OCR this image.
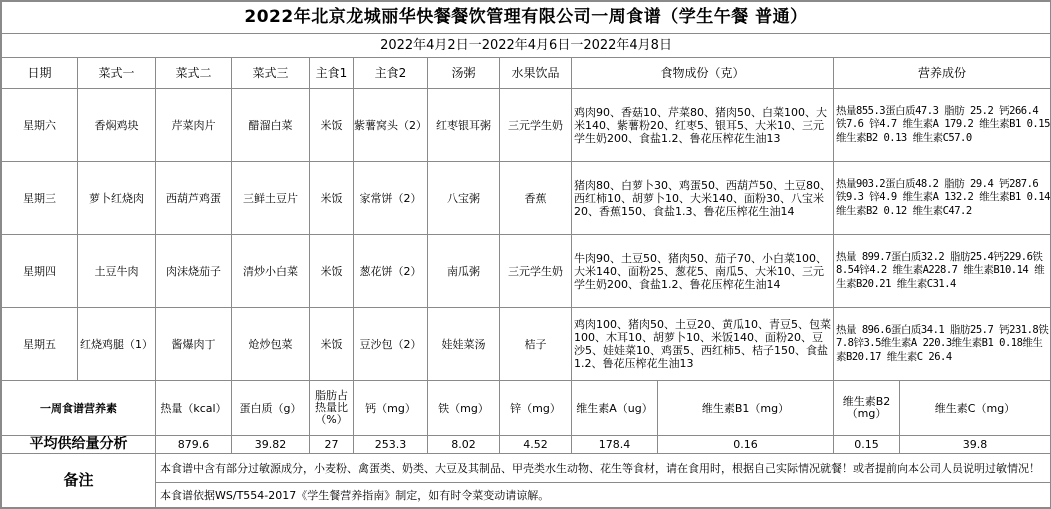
2022年北京龙城丽华快餐餐饮管理有限公司一周食谱（学生午餐 普通）									
2022年4月2日一2022年4月6日一2022年4月8日									
日期	菜式一	菜式二	菜式三	主食1	主食2	汤粥	水果饮品	食物成份（克）	营养成份
星期六	香焖鸡块	芹菜肉片	醋溜白菜	米饭	紫薯窝头（2）	红枣银耳粥	三元学生奶	鸡肉90、香菇10、芹菜80、猪肉50、白菜100、大米140、紫薯粉20、红枣5、银耳5、大米10、三元学生奶200、食盐1.2、鲁花压榨花生油13	热量855.3蛋白质47.3 脂肪 25.2 钙266.4 铁7.6 锌4.7 维生素A 179.2 维生素B1 0.15 维生素B2 0.13 维生素C57.0
星期三	萝卜红烧肉	西葫芦鸡蛋	三鲜土豆片	米饭	家常饼（2）	八宝粥	香蕉	猪肉80、白萝卜30、鸡蛋50、西葫芦50、土豆80、西红柿10、胡萝卜10、大米140、面粉30、八宝米20、香蕉150、食盐1.3、鲁花压榨花生油14	热量903.2蛋白质48.2 脂肪 29.4 钙287.6 铁9.3 锌4.9 维生素A 132.2 维生素B1 0.14 维生素B2 0.12 维生素C47.2
星期四	土豆牛肉	肉沫烧茄子	清炒小白菜	米饭	葱花饼（2）	南瓜粥	三元学生奶	牛肉90、土豆50、猪肉50、茄子70、小白菜100、大米140、面粉25、葱花5、南瓜5、大米10、三元学生奶200、食盐1.2、鲁花压榨花生油14	热量 899.7蛋白质32.2 脂肪25.4钙229.6铁8.54锌4.2 维生素A228.7 维生素B10.14 维生素B20.21 维生素C31.4
星期五	红烧鸡腿（1）	酱爆肉丁	炝炒包菜	米饭	豆沙包（2）	娃娃菜汤	桔子	鸡肉100、猪肉50、土豆20、黄瓜10、青豆5、包菜100、木耳10、胡萝卜10、米饭140、面粉20、豆沙5、娃娃菜10、鸡蛋5、西红柿5、桔子150、食盐1.2、鲁花压榨花生油13	热量 896.6蛋白质34.1 脂肪25.7 钙231.8铁7.8锌3.5维生素A 220.3维生素B1 0.18维生素B20.17 维生素C 26.4
一周食谱营养素	热量（kcal）	蛋白质（g）	脂肪占热量比（%）	钙（mg）	铁（mg）	锌（mg）	维生素A（ug）	维生素B1（mg）	维生素B2（mg）	维生素C（mg）
平均供给量分析	879.6	39.82	27	253.3	8.02	4.52	178.4	0.16	0.15	39.8
备注	本食谱中含有部分过敏源成分，小麦粉、禽蛋类、奶类、大豆及其制品、甲壳类水生动物、花生等食材，请在食用时，根据自己实际情况就餐！或者提前向本公司人员说明过敏情况！									
	本食谱依据WS/T554-2017《学生餐营养指南》制定，如有时令菜变动请谅解。									
